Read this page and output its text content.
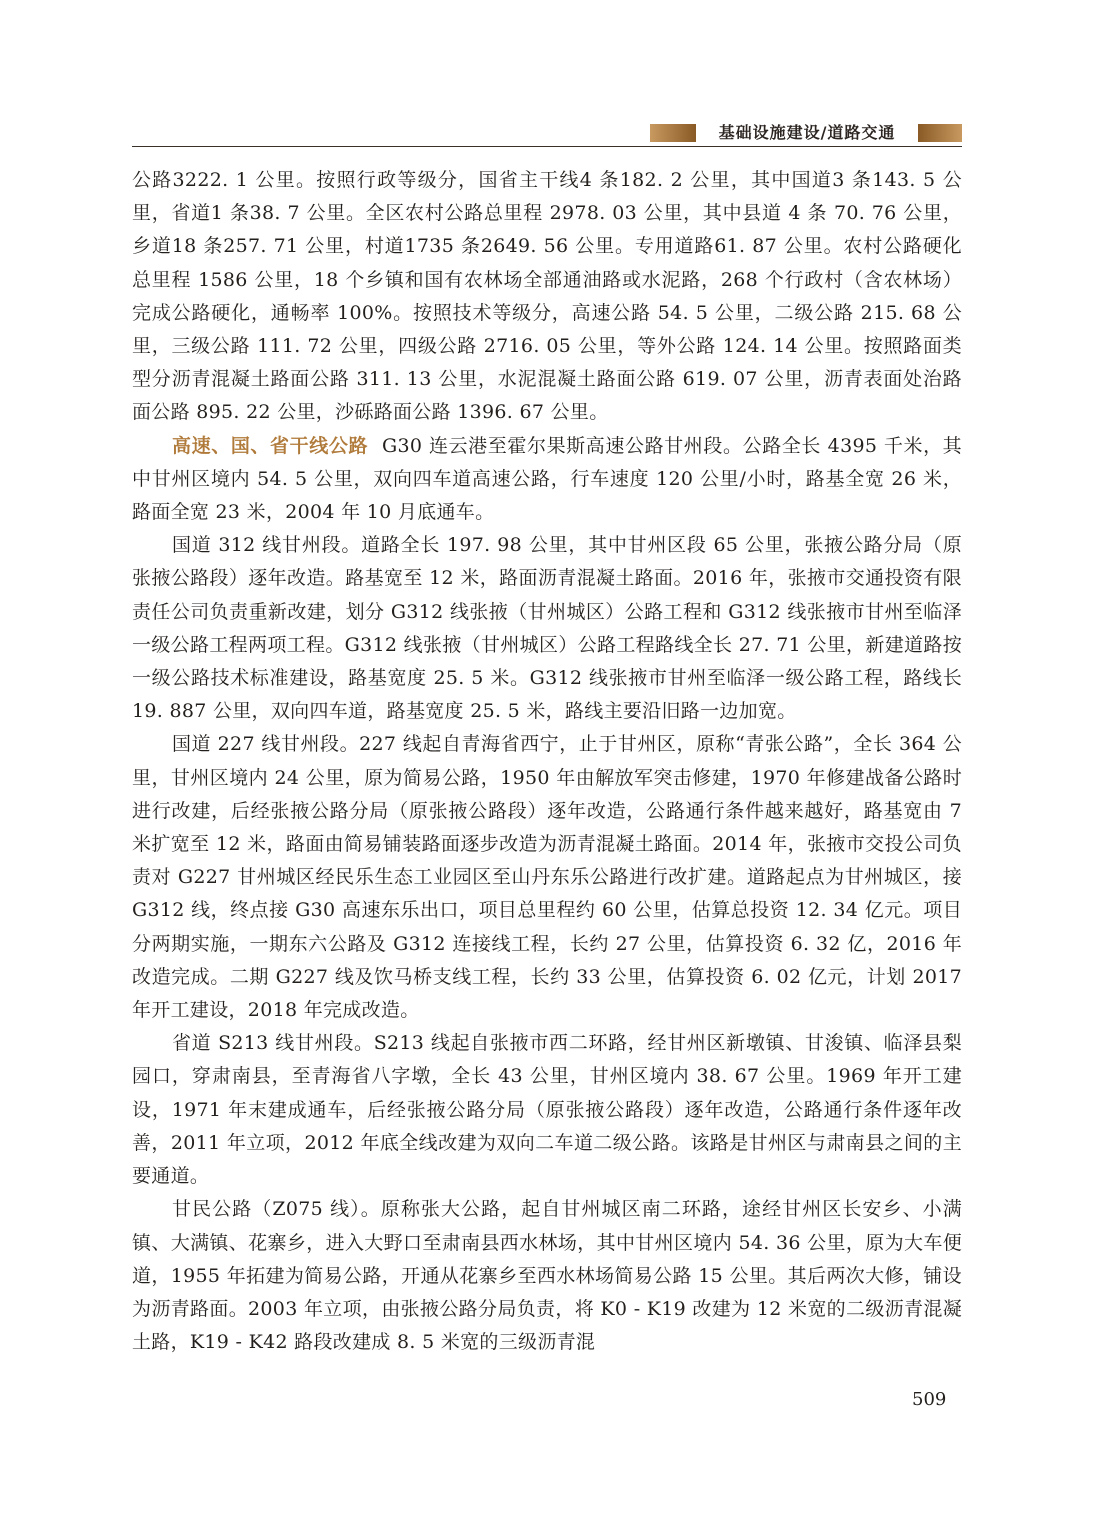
基础设施建设/道路交通

公路3222. 1 公里。按照行政等级分，国省主干线4 条182. 2 公里，其中国道3 条143. 5 公里，省道1 条38. 7 公里。全区农村公路总里程 2978. 03 公里，其中县道 4 条 70. 76 公里，乡道18 条257. 71 公里，村道1735 条2649. 56 公里。专用道路61. 87 公里。农村公路硬化总里程 1586 公里，18 个乡镇和国有农林场全部通油路或水泥路，268 个行政村（含农林场）完成公路硬化，通畅率 100%。按照技术等级分，高速公路 54. 5 公里，二级公路 215. 68 公里，三级公路 111. 72 公里，四级公路 2716. 05 公里，等外公路 124. 14 公里。按照路面类型分沥青混凝土路面公路 311. 13 公里，水泥混凝土路面公路 619. 07 公里，沥青表面处治路面公路 895. 22 公里，沙砾路面公路 1396. 67 公里。

高速、国、省干线公路 G30 连云港至霍尔果斯高速公路甘州段。公路全长 4395 千米，其中甘州区境内 54. 5 公里，双向四车道高速公路，行车速度 120 公里/小时，路基全宽 26 米，路面全宽 23 米，2004 年 10 月底通车。

国道 312 线甘州段。道路全长 197. 98 公里，其中甘州区段 65 公里，张掖公路分局（原张掖公路段）逐年改造。路基宽至 12 米，路面沥青混凝土路面。2016 年，张掖市交通投资有限责任公司负责重新改建，划分 G312 线张掖（甘州城区）公路工程和 G312 线张掖市甘州至临泽一级公路工程两项工程。G312 线张掖（甘州城区）公路工程路线全长 27. 71 公里，新建道路按一级公路技术标准建设，路基宽度 25. 5 米。G312 线张掖市甘州至临泽一级公路工程，路线长 19. 887 公里，双向四车道，路基宽度 25. 5 米，路线主要沿旧路一边加宽。

国道 227 线甘州段。227 线起自青海省西宁，止于甘州区，原称“青张公路”，全长 364 公里，甘州区境内 24 公里，原为简易公路，1950 年由解放军突击修建，1970 年修建战备公路时进行改建，后经张掖公路分局（原张掖公路段）逐年改造，公路通行条件越来越好，路基宽由 7 米扩宽至 12 米，路面由简易铺装路面逐步改造为沥青混凝土路面。2014 年，张掖市交投公司负责对 G227 甘州城区经民乐生态工业园区至山丹东乐公路进行改扩建。道路起点为甘州城区，接 G312 线，终点接 G30 高速东乐出口，项目总里程约 60 公里，估算总投资 12. 34 亿元。项目分两期实施，一期东六公路及 G312 连接线工程，长约 27 公里，估算投资 6. 32 亿，2016 年改造完成。二期 G227 线及饮马桥支线工程，长约 33 公里，估算投资 6. 02 亿元，计划 2017 年开工建设，2018 年完成改造。

省道 S213 线甘州段。S213 线起自张掖市西二环路，经甘州区新墩镇、甘浚镇、临泽县梨园口，穿肃南县，至青海省八字墩，全长 43 公里，甘州区境内 38. 67 公里。1969 年开工建设，1971 年末建成通车，后经张掖公路分局（原张掖公路段）逐年改造，公路通行条件逐年改善，2011 年立项，2012 年底全线改建为双向二车道二级公路。该路是甘州区与肃南县之间的主要通道。

甘民公路（Z075 线）。原称张大公路，起自甘州城区南二环路，途经甘州区长安乡、小满镇、大满镇、花寨乡，进入大野口至肃南县西水林场，其中甘州区境内 54. 36 公里，原为大车便道，1955 年拓建为简易公路，开通从花寨乡至西水林场简易公路 15 公里。其后两次大修，铺设为沥青路面。2003 年立项，由张掖公路分局负责，将 K0 - K19 改建为 12 米宽的二级沥青混凝土路，K19 - K42 路段改建成 8. 5 米宽的三级沥青混

509
